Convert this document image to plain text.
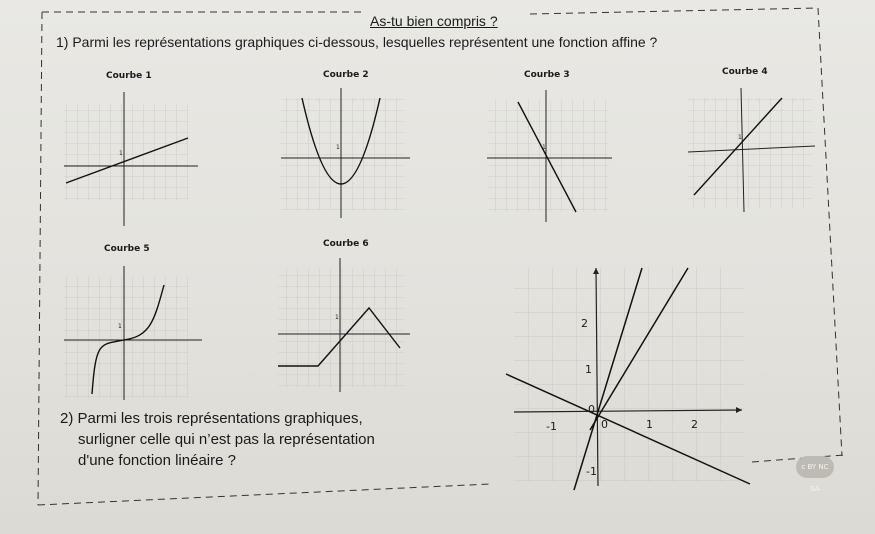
As-tu bien compris ?
1) Parmi les représentations graphiques ci-dessous, lesquelles représentent une fonction affine ?
Courbe 1	Courbe 2	Courbe 3	Courbe 4
Courbe 5	Courbe 6
1
1	1
1
1
1	2
1
0
-1	0	1	2
-1
2) Parmi les trois représentations graphiques,
surligner celle qui n’est pas la représentation
d'une fonction linéaire ?	c BY NC SA
